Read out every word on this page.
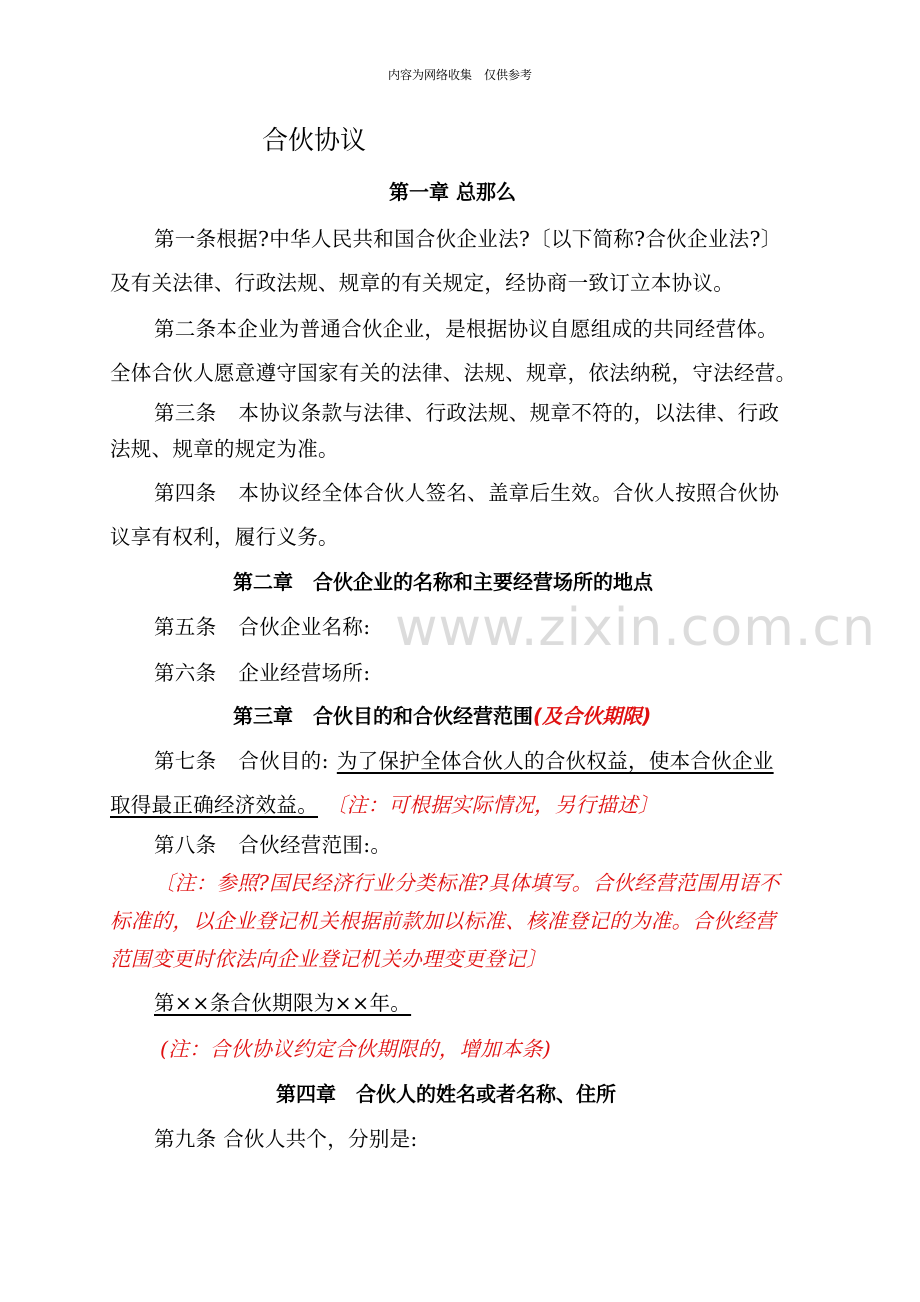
www.zixin.com.cn
内容为网络收集　仅供参考
合伙协议
第一章 总那么
第一条根据?中华人民共和国合伙企业法?〔以下简称?合伙企业法?〕
及有关法律、行政法规、规章的有关规定，经协商一致订立本协议。
第二条本企业为普通合伙企业，是根据协议自愿组成的共同经营体。
全体合伙人愿意遵守国家有关的法律、法规、规章，依法纳税，守法经营。
第三条 本协议条款与法律、行政法规、规章不符的，以法律、行政
法规、规章的规定为准。
第四条 本协议经全体合伙人签名、盖章后生效。合伙人按照合伙协
议享有权利，履行义务。
第二章　合伙企业的名称和主要经营场所的地点
第五条 合伙企业名称:
第六条 企业经营场所:
第三章　合伙目的和合伙经营范围(及合伙期限)
第七条 合伙目的: 为了保护全体合伙人的合伙权益，使本合伙企业
取得最正确经济效益。 〔注：可根据实际情况，另行描述〕
第八条 合伙经营范围:。
〔注：参照?国民经济行业分类标准?具体填写。合伙经营范围用语不
标准的，以企业登记机关根据前款加以标准、核准登记的为准。合伙经营
范围变更时依法向企业登记机关办理变更登记〕
第××条合伙期限为××年。
(注：合伙协议约定合伙期限的，增加本条)
第四章　合伙人的姓名或者名称、住所
第九条 合伙人共个，分别是:
